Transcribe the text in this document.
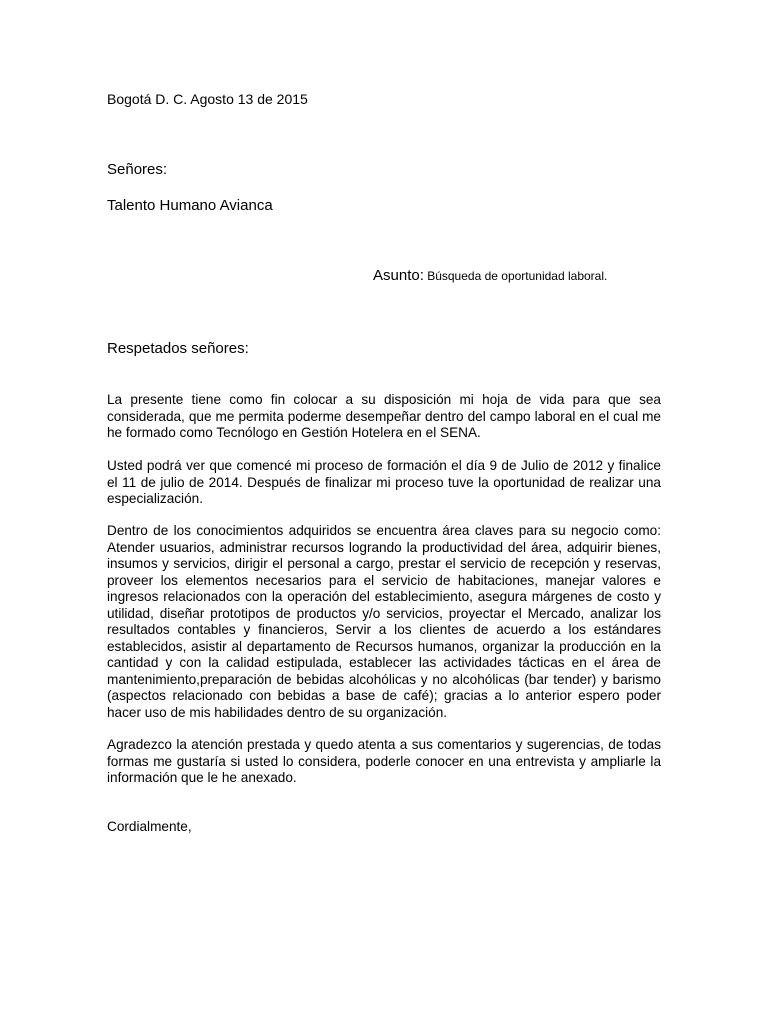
Bogotá D. C. Agosto 13 de 2015
Señores:
Talento Humano Avianca
Asunto: Búsqueda de oportunidad laboral.
Respetados señores:

La presente tiene como fin colocar a su disposición mi hoja de vida para que sea considerada, que me permita poderme desempeñar dentro del campo laboral en el cual me he formado como Tecnólogo en Gestión Hotelera en el SENA.

Usted podrá ver que comencé mi proceso de formación el día 9 de Julio de 2012 y finalice el 11 de julio de 2014. Después de finalizar mi proceso tuve la oportunidad de realizar una especialización.

Dentro de los conocimientos adquiridos se encuentra área claves para su negocio como: Atender usuarios, administrar recursos logrando la productividad del área, adquirir bienes, insumos y servicios, dirigir el personal a cargo, prestar el servicio de recepción y reservas, proveer los elementos necesarios para el servicio de habitaciones, manejar valores e ingresos relacionados con la operación del establecimiento, asegura márgenes de costo y utilidad, diseñar prototipos de productos y/o servicios, proyectar el Mercado, analizar los resultados contables y financieros, Servir a los clientes de acuerdo a los estándares establecidos, asistir al departamento de Recursos humanos, organizar la producción en la cantidad y con la calidad estipulada, establecer las actividades tácticas en el área de mantenimiento,preparación de bebidas alcohólicas y no alcohólicas (bar tender) y barismo (aspectos relacionado con bebidas a base de café); gracias a lo anterior espero poder hacer uso de mis habilidades dentro de su organización.

Agradezco la atención prestada y quedo atenta a sus comentarios y sugerencias, de todas formas me gustaría si usted lo considera, poderle conocer en una entrevista y ampliarle la información que le he anexado.

Cordialmente,
